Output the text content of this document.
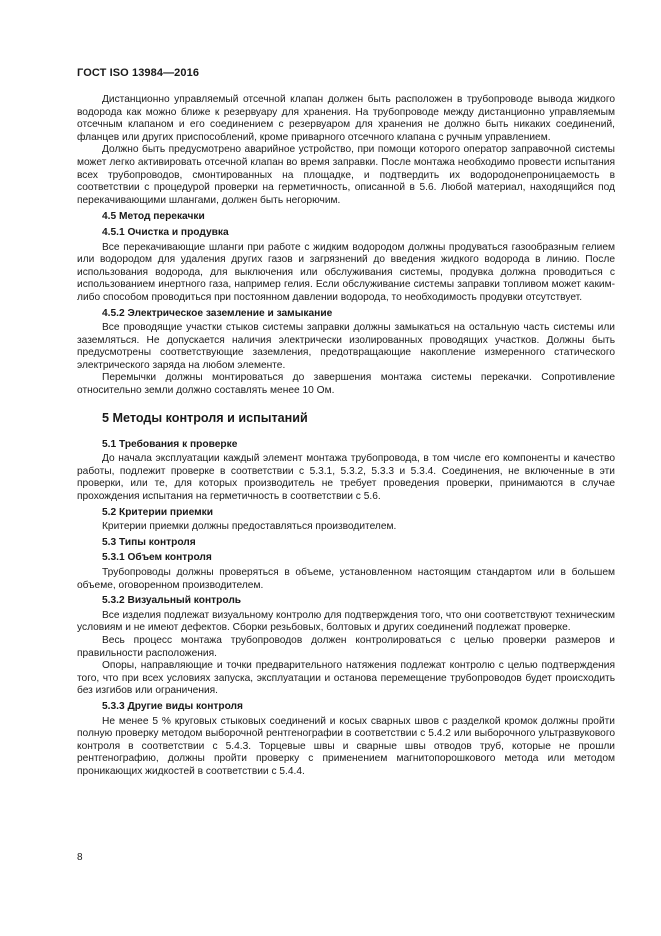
ГОСТ ISO 13984—2016

Дистанционно управляемый отсечной клапан должен быть расположен в трубопроводе вывода жидкого водорода как можно ближе к резервуару для хранения. На трубопроводе между дистанционно управляемым отсечным клапаном и его соединением с резервуаром для хранения не должно быть никаких соединений, фланцев или других приспособлений, кроме приварного отсечного клапана с ручным управлением.

Должно быть предусмотрено аварийное устройство, при помощи которого оператор заправочной системы может легко активировать отсечной клапан во время заправки. После монтажа необходимо провести испытания всех трубопроводов, смонтированных на площадке, и подтвердить их водородонепроницаемость в соответствии с процедурой проверки на герметичность, описанной в 5.6. Любой материал, находящийся под перекачивающими шлангами, должен быть негорючим.

4.5 Метод перекачки
4.5.1 Очистка и продувка

Все перекачивающие шланги при работе с жидким водородом должны продуваться газообразным гелием или водородом для удаления других газов и загрязнений до введения жидкого водорода в линию. После использования водорода, для выключения или обслуживания системы, продувка должна проводиться с использованием инертного газа, например гелия. Если обслуживание системы заправки топливом может каким-либо способом проводиться при постоянном давлении водорода, то необходимость продувки отсутствует.

4.5.2 Электрическое заземление и замыкание

Все проводящие участки стыков системы заправки должны замыкаться на остальную часть системы или заземляться. Не допускается наличия электрически изолированных проводящих участков. Должны быть предусмотрены соответствующие заземления, предотвращающие накопление измеренного статического электрического заряда на любом элементе.

Перемычки должны монтироваться до завершения монтажа системы перекачки. Сопротивление относительно земли должно составлять менее 10 Ом.

5 Методы контроля и испытаний
5.1 Требования к проверке

До начала эксплуатации каждый элемент монтажа трубопровода, в том числе его компоненты и качество работы, подлежит проверке в соответствии с 5.3.1, 5.3.2, 5.3.3 и 5.3.4. Соединения, не включенные в эти проверки, или те, для которых производитель не требует проведения проверки, принимаются в случае прохождения испытания на герметичность в соответствии с 5.6.

5.2 Критерии приемки

Критерии приемки должны предоставляться производителем.

5.3 Типы контроля
5.3.1 Объем контроля

Трубопроводы должны проверяться в объеме, установленном настоящим стандартом или в большем объеме, оговоренном производителем.

5.3.2 Визуальный контроль

Все изделия подлежат визуальному контролю для подтверждения того, что они соответствуют техническим условиям и не имеют дефектов. Сборки резьбовых, болтовых и других соединений подлежат проверке.

Весь процесс монтажа трубопроводов должен контролироваться с целью проверки размеров и правильности расположения.

Опоры, направляющие и точки предварительного натяжения подлежат контролю с целью подтверждения того, что при всех условиях запуска, эксплуатации и останова перемещение трубопроводов будет происходить без изгибов или ограничения.

5.3.3 Другие виды контроля

Не менее 5 % круговых стыковых соединений и косых сварных швов с разделкой кромок должны пройти полную проверку методом выборочной рентгенографии в соответствии с 5.4.2 или выборочного ультразвукового контроля в соответствии с 5.4.3. Торцевые швы и сварные швы отводов труб, которые не прошли рентгенографию, должны пройти проверку с применением магнитопорошкового метода или методом проникающих жидкостей в соответствии с 5.4.4.

8
